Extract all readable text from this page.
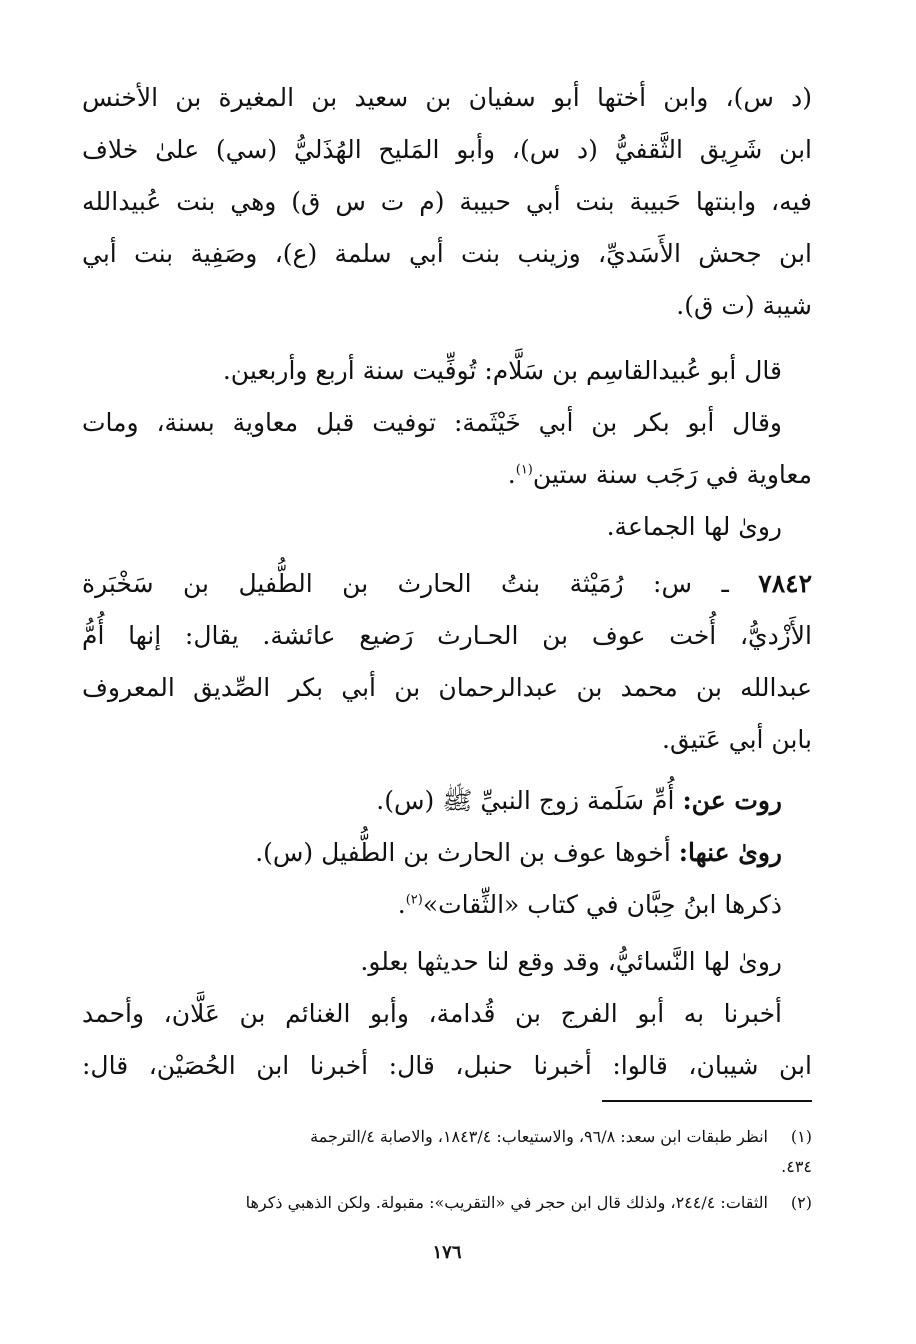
(د س)، وابن أختها أبو سفيان بن سعيد بن المغيرة بن الأخنس
ابن شَرِيق الثَّقفيُّ (د س)، وأبو المَليح الهُذَليُّ (سي) علىٰ خلاف
فيه، وابنتها حَبيبة بنت أبي حبيبة (م ت س ق) وهي بنت عُبيدالله
ابن جحش الأَسَديِّ، وزينب بنت أبي سلمة (ع)، وصَفِية بنت أبي
شيبة (ت ق).
قال أبو عُبيدالقاسِم بن سَلَّام: تُوفِّيت سنة أربع وأربعين.
وقال أبو بكر بن أبي خَيْثَمة: توفيت قبل معاوية بسنة، ومات
معاوية في رَجَب سنة ستين$^{(١)}$.
روىٰ لها الجماعة.
٧٨٤٢ ـ س: رُمَيْثة بنتُ الحارث بن الطُّفيل بن سَخْبَرة
الأَزْديُّ، أُخت عوف بن الحـارث رَضيع عائشة. يقال: إنها أُمُّ
عبدالله بن محمد بن عبدالرحمان بن أبي بكر الصِّديق المعروف
بابن أبي عَتيق.
روت عن: أُمِّ سَلَمة زوج النبيِّ ﷺ (س).
روىٰ عنها: أخوها عوف بن الحارث بن الطُّفيل (س).
ذكرها ابنُ حِبَّان في كتاب «الثِّقات»$^{(٢)}$.
روىٰ لها النَّسائيُّ، وقد وقع لنا حديثها بعلو.
أخبرنا به أبو الفرج بن قُدامة، وأبو الغنائم بن عَلَّان، وأحمد
ابن شيبان، قالوا: أخبرنا حنبل، قال: أخبرنا ابن الحُصَيْن، قال:
(١)انظر طبقات ابن سعد: ٩٦/٨، والاستيعاب: ١٨٤٣/٤، والاصابة ٤/الترجمة
٤٣٤.
(٢)الثقات: ٢٤٤/٤، ولذلك قال ابن حجر في «التقريب»: مقبولة. ولكن الذهبي ذكرها
١٧٦
